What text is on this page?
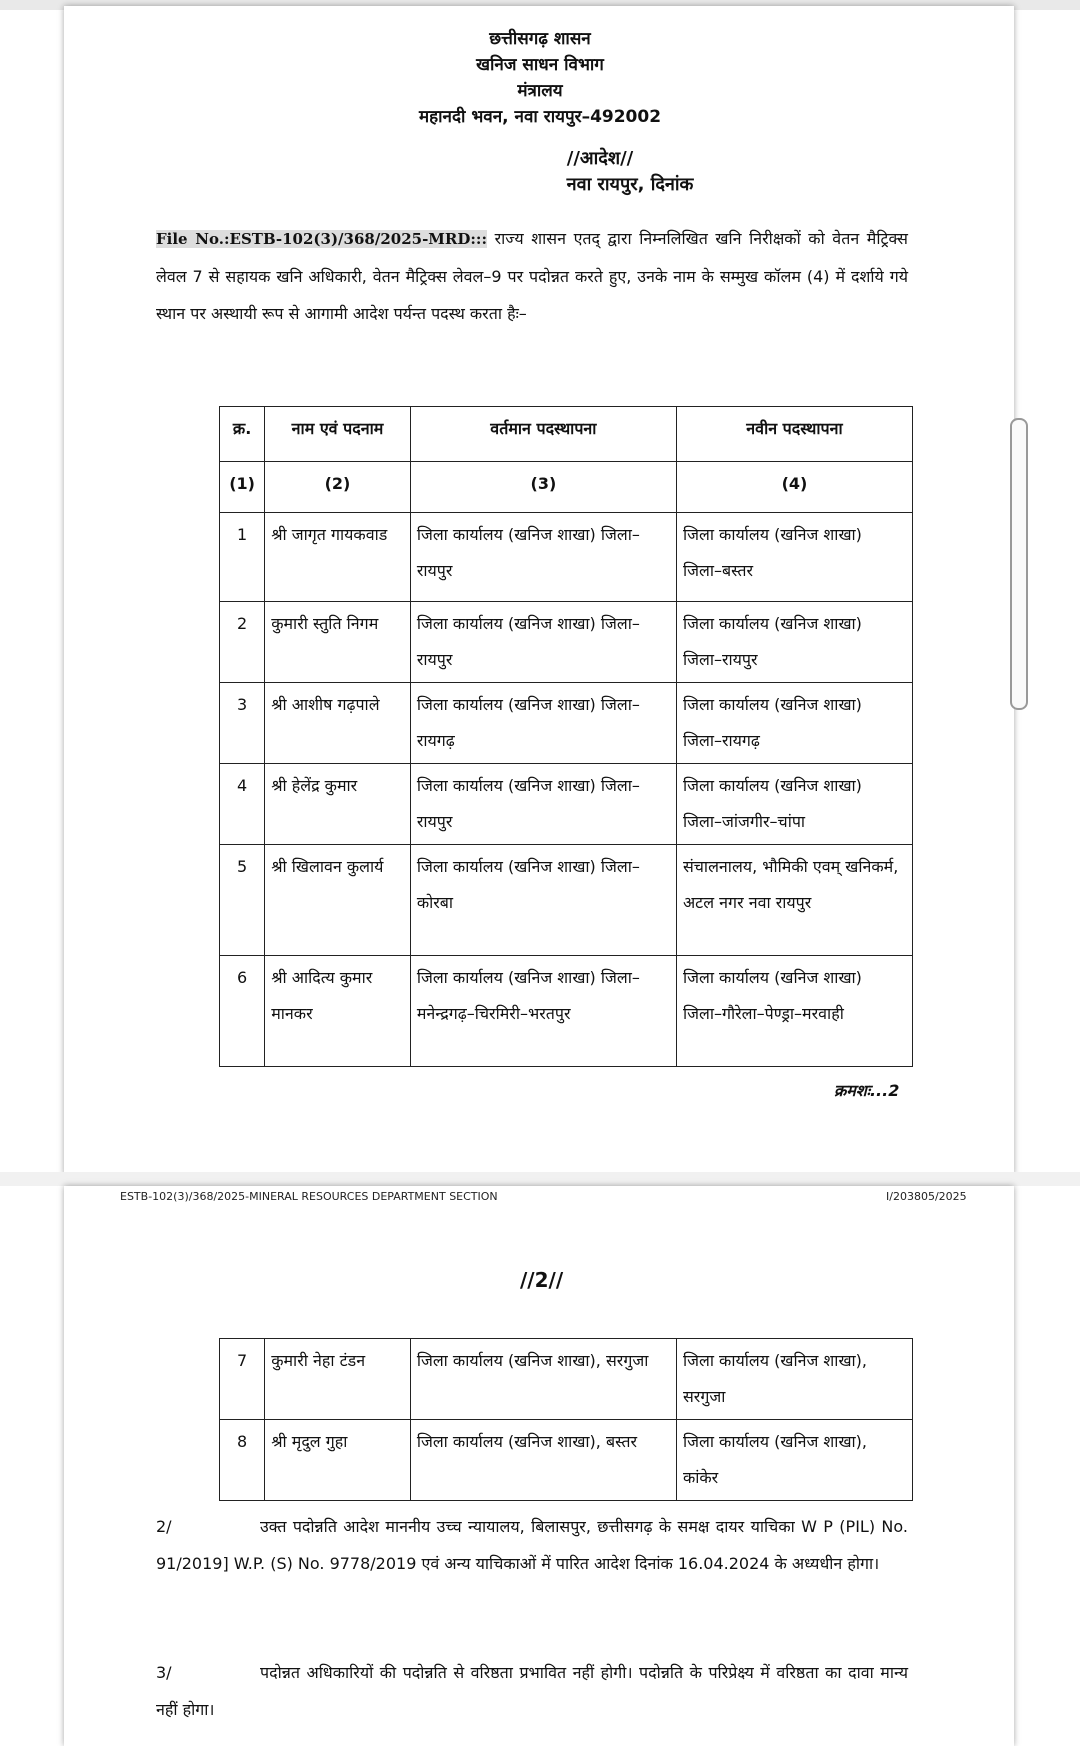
छत्तीसगढ़ शासन
खनिज साधन विभाग
मंत्रालय
महानदी भवन, नवा रायपुर–492002
//आदेश//
नवा रायपुर, दिनांक
File No.:ESTB-102(3)/368/2025-MRD::: राज्य शासन एतद् द्वारा निम्नलिखित खनि निरीक्षकों को वेतन मैट्रिक्स लेवल 7 से सहायक खनि अधिकारी, वेतन मैट्रिक्स लेवल–9 पर पदोन्नत करते हुए, उनके नाम के सम्मुख कॉलम (4) में दर्शाये गये स्थान पर अस्थायी रूप से आगामी आदेश पर्यन्त पदस्थ करता हैः–
क्र.	नाम एवं पदनाम	वर्तमान पदस्थापना	नवीन पदस्थापना
(1)	(2)	(3)	(4)
1	श्री जागृत गायकवाड	जिला कार्यालय (खनिज शाखा) जिला–रायपुर	जिला कार्यालय (खनिज शाखा) जिला–बस्तर
2	कुमारी स्तुति निगम	जिला कार्यालय (खनिज शाखा) जिला–रायपुर	जिला कार्यालय (खनिज शाखा) जिला–रायपुर
3	श्री आशीष गढ़पाले	जिला कार्यालय (खनिज शाखा) जिला–रायगढ़	जिला कार्यालय (खनिज शाखा) जिला–रायगढ़
4	श्री हेलेंद्र कुमार	जिला कार्यालय (खनिज शाखा) जिला–रायपुर	जिला कार्यालय (खनिज शाखा) जिला–जांजगीर–चांपा
5	श्री खिलावन कुलार्य	जिला कार्यालय (खनिज शाखा) जिला–कोरबा	संचालनालय, भौमिकी एवम् खनिकर्म, अटल नगर नवा रायपुर
6	श्री आदित्य कुमार मानकर	जिला कार्यालय (खनिज शाखा) जिला–मनेन्द्रगढ़–चिरमिरी–भरतपुर	जिला कार्यालय (खनिज शाखा) जिला–गौरेला–पेण्ड्रा–मरवाही
क्रमशः...2
ESTB-102(3)/368/2025-MINERAL RESOURCES DEPARTMENT SECTION	I/203805/2025
//2//
7	कुमारी नेहा टंडन	जिला कार्यालय (खनिज शाखा), सरगुजा	जिला कार्यालय (खनिज शाखा), सरगुजा
8	श्री मृदुल गुहा	जिला कार्यालय (खनिज शाखा), बस्तर	जिला कार्यालय (खनिज शाखा), कांकेर
2/	उक्त पदोन्नति आदेश माननीय उच्च न्यायालय, बिलासपुर, छत्तीसगढ़ के समक्ष दायर याचिका W P (PIL) No. 91/2019] W.P. (S) No. 9778/2019 एवं अन्य याचिकाओं में पारित आदेश दिनांक 16.04.2024 के अध्यधीन होगा।
3/	पदोन्नत अधिकारियों की पदोन्नति से वरिष्ठता प्रभावित नहीं होगी। पदोन्नति के परिप्रेक्ष्य में वरिष्ठता का दावा मान्य नहीं होगा।
